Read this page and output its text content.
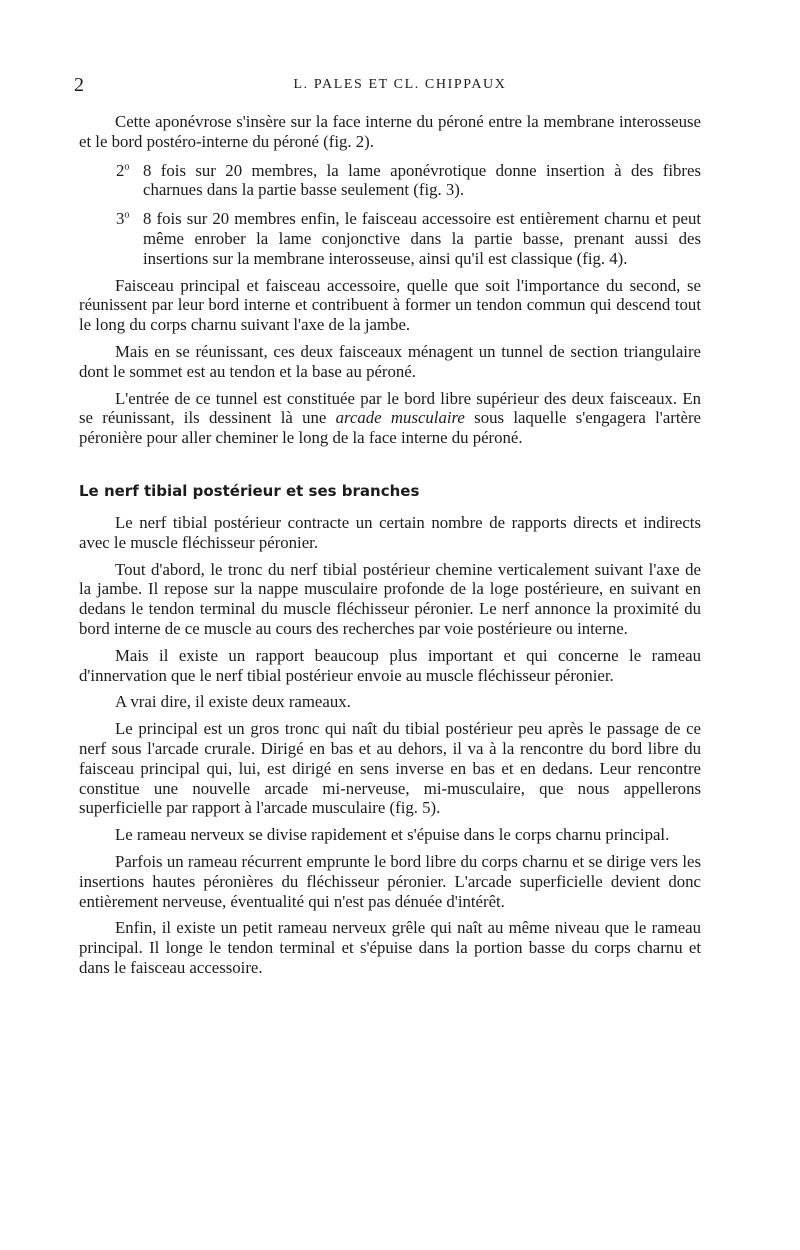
2	L. PALES ET CL. CHIPPAUX

Cette aponévrose s'insère sur la face interne du péroné entre la membrane interosseuse et le bord postéro-interne du péroné (fig. 2).

2$^o$ 8 fois sur 20 membres, la lame aponévrotique donne insertion à des fibres charnues dans la partie basse seulement (fig. 3).

3$^o$ 8 fois sur 20 membres enfin, le faisceau accessoire est entièrement charnu et peut même enrober la lame conjonctive dans la partie basse, prenant aussi des insertions sur la membrane interosseuse, ainsi qu'il est classique (fig. 4).

Faisceau principal et faisceau accessoire, quelle que soit l'importance du second, se réunissent par leur bord interne et contribuent à former un tendon commun qui descend tout le long du corps charnu suivant l'axe de la jambe.

Mais en se réunissant, ces deux faisceaux ménagent un tunnel de section triangulaire dont le sommet est au tendon et la base au péroné.

L'entrée de ce tunnel est constituée par le bord libre supérieur des deux faisceaux. En se réunissant, ils dessinent là une arcade musculaire sous laquelle s'engagera l'artère péronière pour aller cheminer le long de la face interne du péroné.

Le nerf tibial postérieur et ses branches

Le nerf tibial postérieur contracte un certain nombre de rapports directs et indirects avec le muscle fléchisseur péronier.

Tout d'abord, le tronc du nerf tibial postérieur chemine verticalement suivant l'axe de la jambe. Il repose sur la nappe musculaire profonde de la loge postérieure, en suivant en dedans le tendon terminal du muscle fléchisseur péronier. Le nerf annonce la proximité du bord interne de ce muscle au cours des recherches par voie postérieure ou interne.

Mais il existe un rapport beaucoup plus important et qui concerne le rameau d'innervation que le nerf tibial postérieur envoie au muscle fléchisseur péronier.

A vrai dire, il existe deux rameaux.

Le principal est un gros tronc qui naît du tibial postérieur peu après le passage de ce nerf sous l'arcade crurale. Dirigé en bas et au dehors, il va à la rencontre du bord libre du faisceau principal qui, lui, est dirigé en sens inverse en bas et en dedans. Leur rencontre constitue une nouvelle arcade mi-nerveuse, mi-musculaire, que nous appellerons superficielle par rapport à l'arcade musculaire (fig. 5).

Le rameau nerveux se divise rapidement et s'épuise dans le corps charnu principal.

Parfois un rameau récurrent emprunte le bord libre du corps charnu et se dirige vers les insertions hautes péronières du fléchisseur péronier. L'arcade superficielle devient donc entièrement nerveuse, éventualité qui n'est pas dénuée d'intérêt.

Enfin, il existe un petit rameau nerveux grêle qui naît au même niveau que le rameau principal. Il longe le tendon terminal et s'épuise dans la portion basse du corps charnu et dans le faisceau accessoire.
